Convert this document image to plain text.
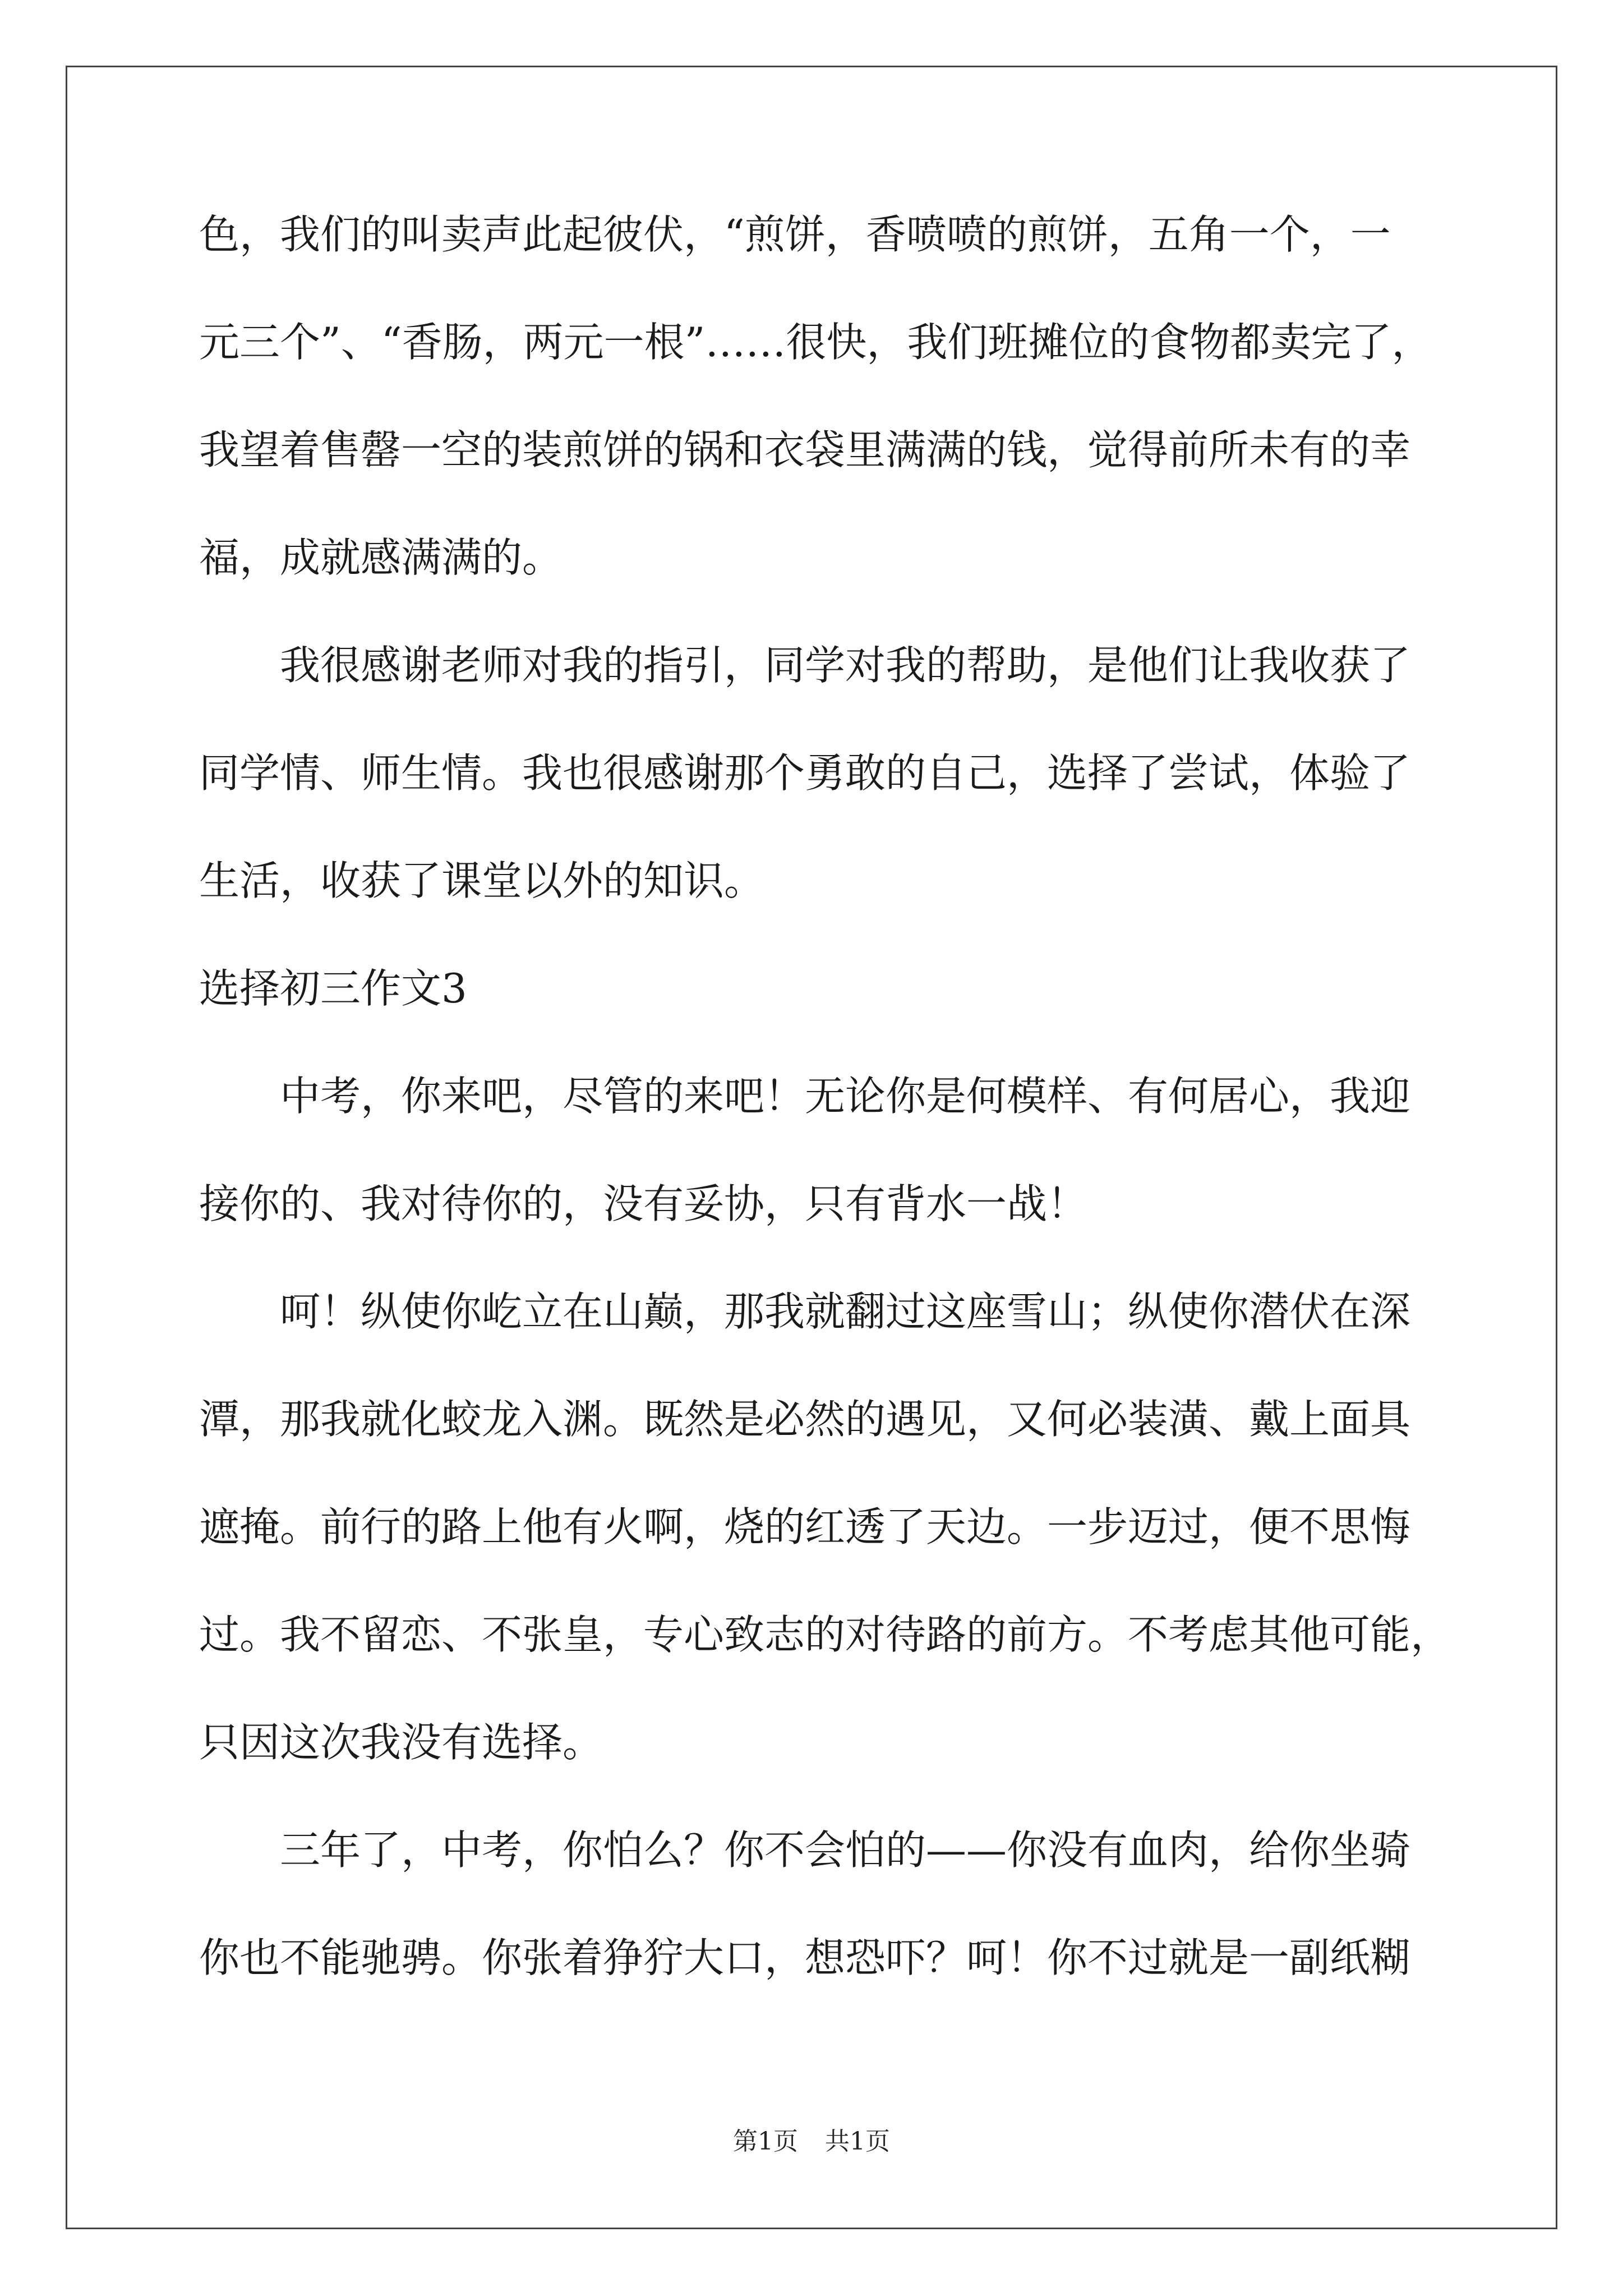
色，我们的叫卖声此起彼伏，“煎饼，香喷喷的煎饼，五角一个，一

元三个”、“香肠，两元一根”……很快，我们班摊位的食物都卖完了，

我望着售罄一空的装煎饼的锅和衣袋里满满的钱，觉得前所未有的幸

福，成就感满满的。

　　我很感谢老师对我的指引，同学对我的帮助，是他们让我收获了

同学情、师生情。我也很感谢那个勇敢的自己，选择了尝试，体验了

生活，收获了课堂以外的知识。

选择初三作文3

　　中考，你来吧，尽管的来吧！无论你是何模样、有何居心，我迎

接你的、我对待你的，没有妥协，只有背水一战！

　　呵！纵使你屹立在山巅，那我就翻过这座雪山；纵使你潜伏在深

潭，那我就化蛟龙入渊。既然是必然的遇见，又何必装潢、戴上面具

遮掩。前行的路上他有火啊，烧的红透了天边。一步迈过，便不思悔

过。我不留恋、不张皇，专心致志的对待路的前方。不考虑其他可能，

只因这次我没有选择。

　　三年了，中考，你怕么？你不会怕的——你没有血肉，给你坐骑

你也不能驰骋。你张着狰狞大口，想恐吓？呵！你不过就是一副纸糊

第1页 共1页
